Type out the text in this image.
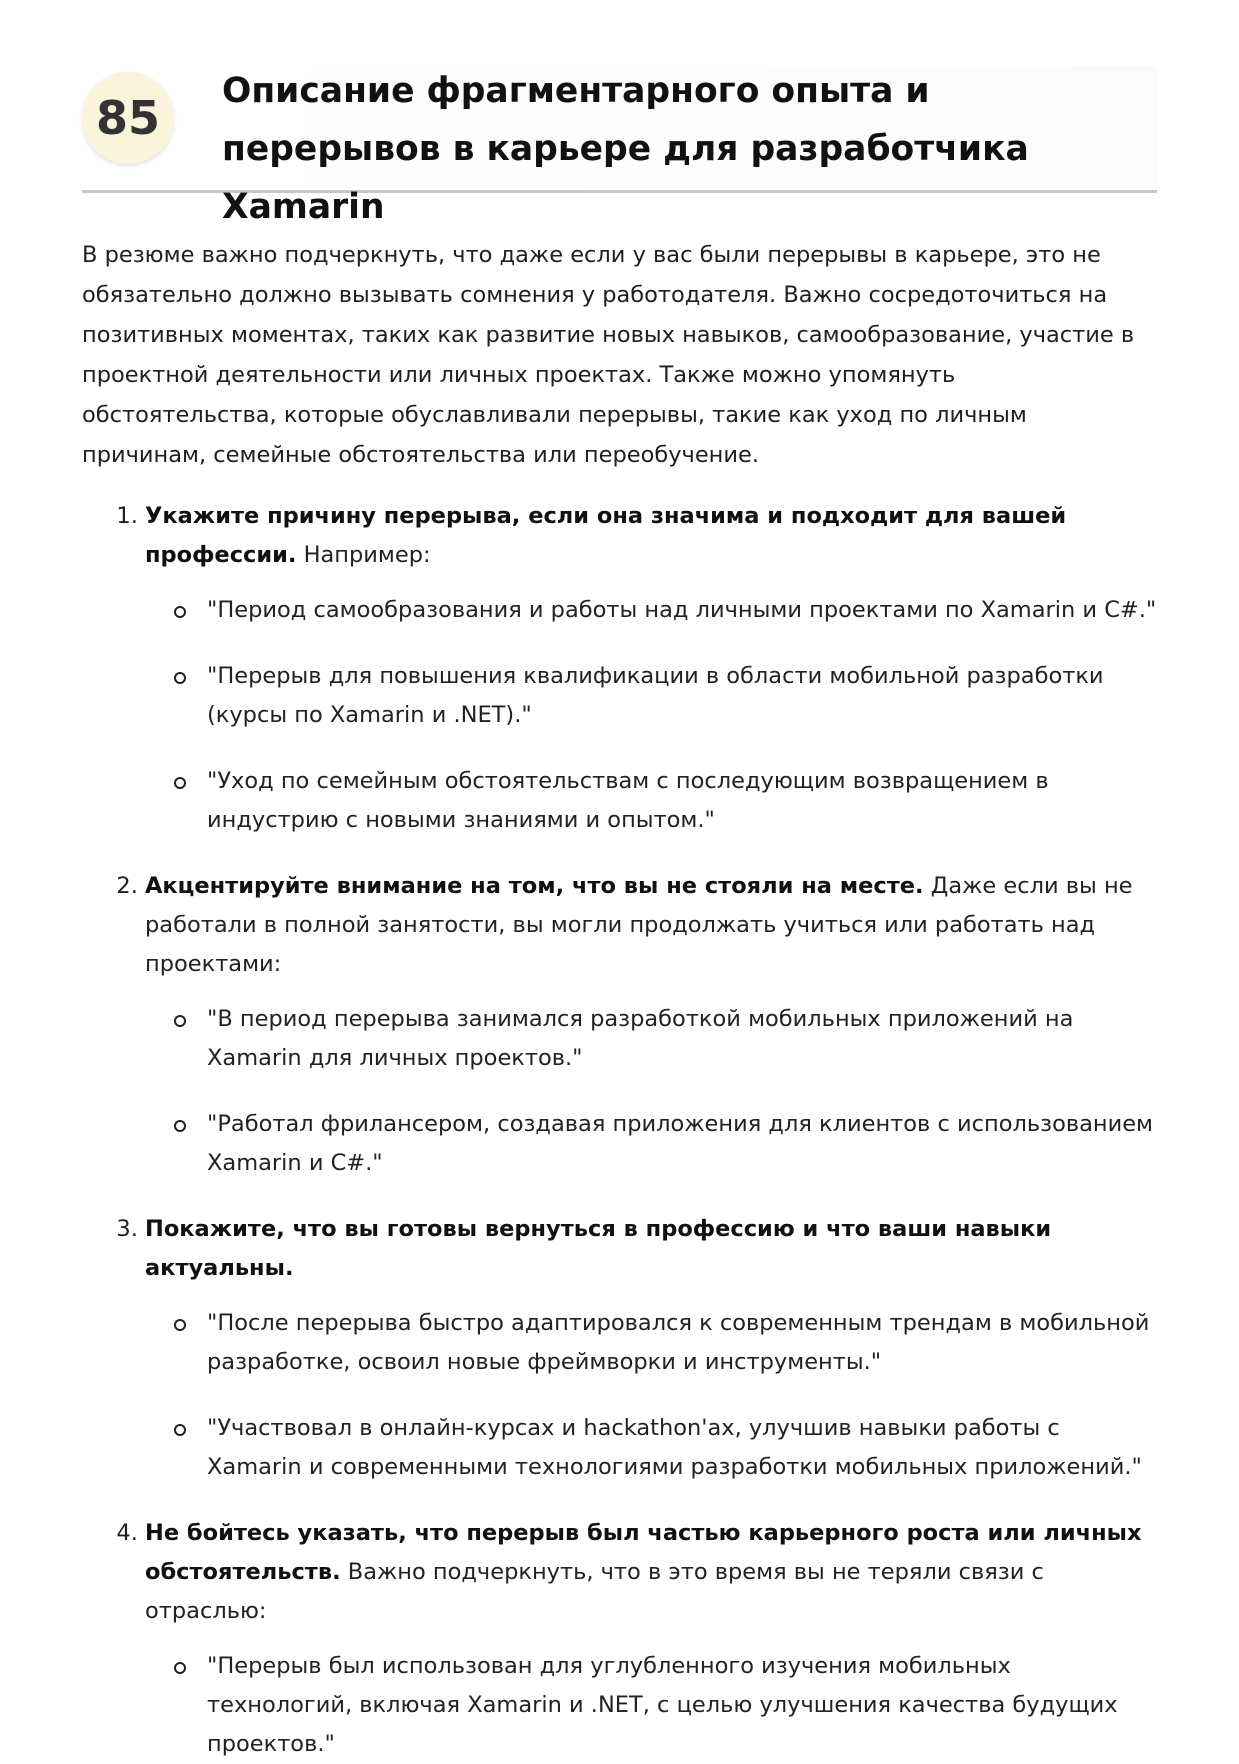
85	Описание фрагментарного опыта и перерывов в карьере для разработчика Xamarin

В резюме важно подчеркнуть, что даже если у вас были перерывы в карьере, это не обязательно должно вызывать сомнения у работодателя. Важно сосредоточиться на позитивных моментах, таких как развитие новых навыков, самообразование, участие в проектной деятельности или личных проектах. Также можно упомянуть обстоятельства, которые обуславливали перерывы, такие как уход по личным причинам, семейные обстоятельства или переобучение.

1. Укажите причину перерыва, если она значима и подходит для вашей профессии. Например:
"Период самообразования и работы над личными проектами по Xamarin и C#."
"Перерыв для повышения квалификации в области мобильной разработки (курсы по Xamarin и .NET)."
"Уход по семейным обстоятельствам с последующим возвращением в индустрию с новыми знаниями и опытом."
2. Акцентируйте внимание на том, что вы не стояли на месте. Даже если вы не работали в полной занятости, вы могли продолжать учиться или работать над проектами:
"В период перерыва занимался разработкой мобильных приложений на Xamarin для личных проектов."
"Работал фрилансером, создавая приложения для клиентов с использованием Xamarin и C#."
3. Покажите, что вы готовы вернуться в профессию и что ваши навыки актуальны.
"После перерыва быстро адаптировался к современным трендам в мобильной разработке, освоил новые фреймворки и инструменты."
"Участвовал в онлайн-курсах и hackathon'ах, улучшив навыки работы с Xamarin и современными технологиями разработки мобильных приложений."
4. Не бойтесь указать, что перерыв был частью карьерного роста или личных обстоятельств. Важно подчеркнуть, что в это время вы не теряли связи с отраслью:
"Перерыв был использован для углубленного изучения мобильных технологий, включая Xamarin и .NET, с целью улучшения качества будущих проектов."
